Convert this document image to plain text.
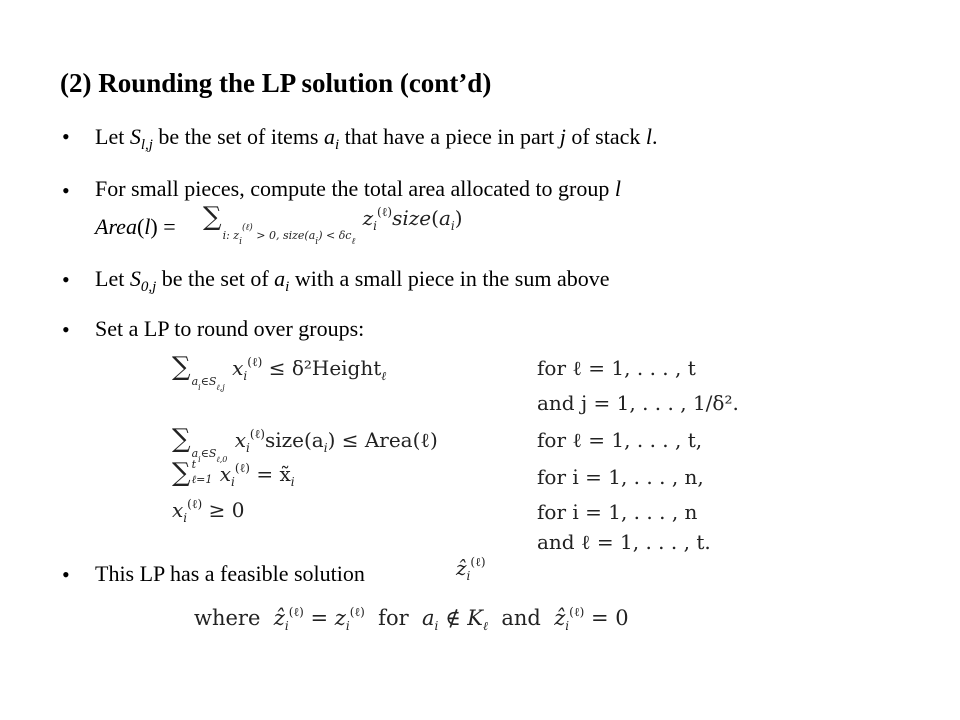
(2) Rounding the LP solution (cont’d)
• Let $S_{l,j}$ be the set of items $a_i$ that have a piece in part j of stack l.
• For small pieces, compute the total area allocated to group l
Area(l) = ∑
i: $z_i^{(\ell)} > 0$, $size(a_i) < \delta c_\ell$
$z_i^{(\ell)}size(a_i)$
• Let $S_{0,j}$ be the set of $a_i$ with a small piece in the sum above
• Set a LP to round over groups:
∑ $a_i\in S_{\ell,j}$
$x_i^{(\ell)}$ ≤ δ²Height$_\ell$	for ℓ = 1, . . . , t
and j = 1, . . . , 1/δ².
∑ $a_i\in S_{\ell,0}$
$x_i^{(\ell)}size(a_i)$ ≤ Area(ℓ)	for ℓ = 1, . . . , t,
∑ t
ℓ=1 $x_i^{(\ell)}$ = $x̃_i$	for i = 1, . . . , n,
$x_i^{(\ell)} \ge 0$	for i = 1, . . . , n
and ℓ = 1, . . . , t.
• This LP has a feasible solution	ẑ$_i^{(\ell)}$
where ẑ$_i^{(\ell)}$ = $z_i^{(\ell)}$ for $a_i$ ∉ $K_\ell$ and ẑ$_i^{(\ell)}$ = 0
